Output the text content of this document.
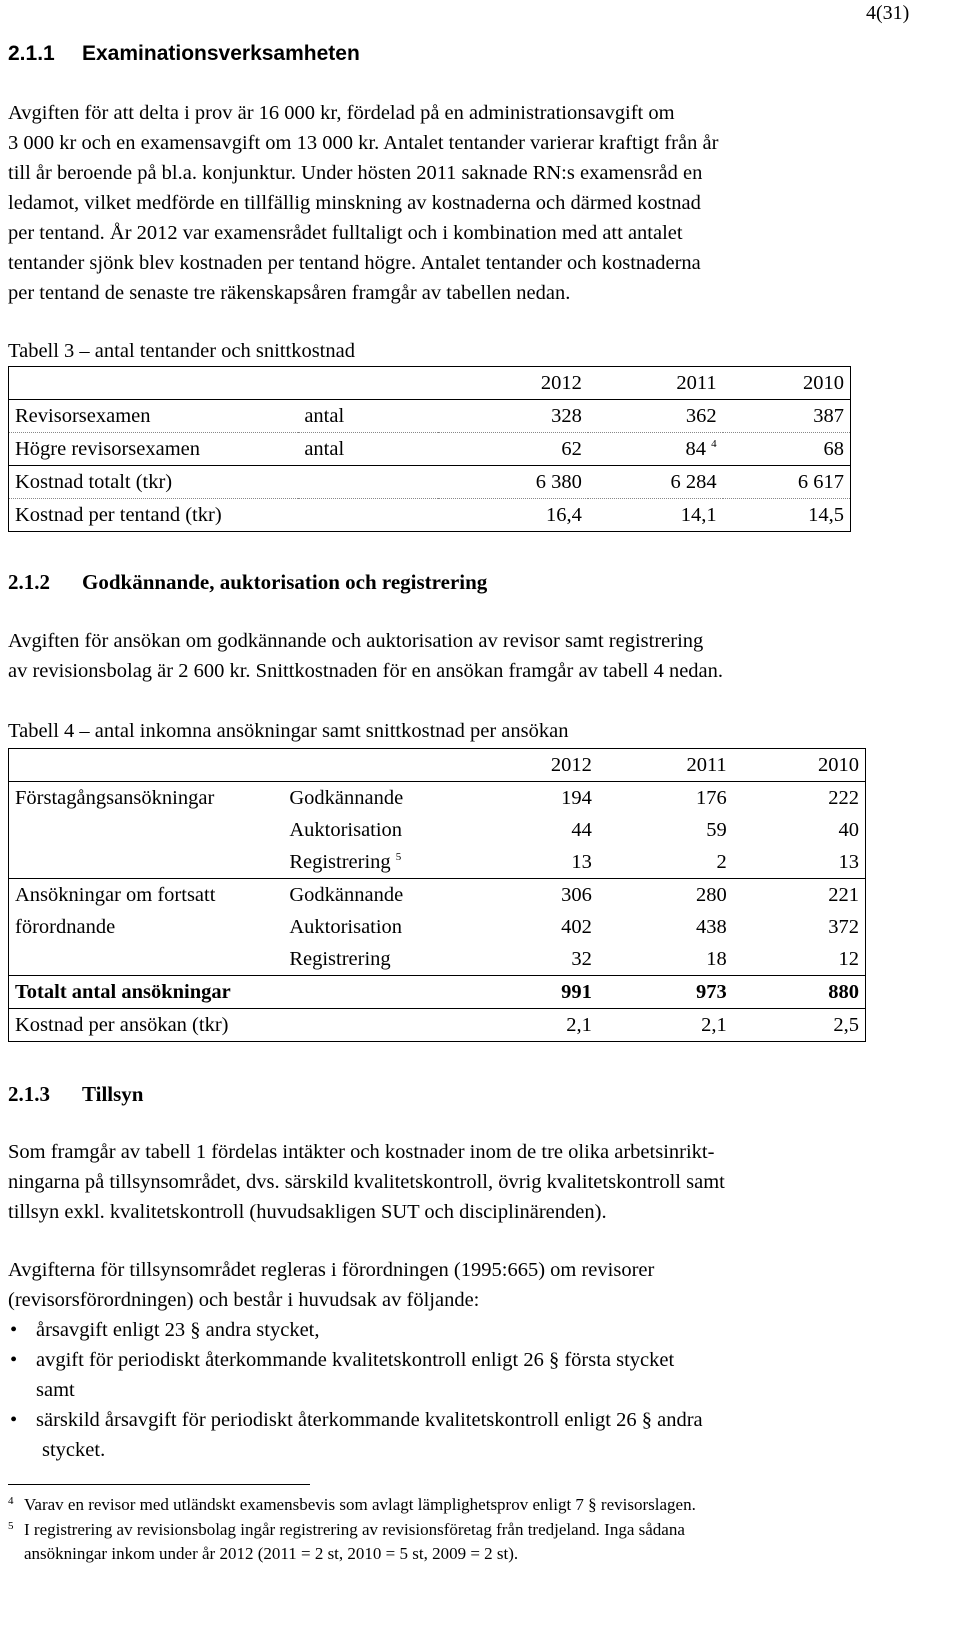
4(31)
2.1.1 Examinationsverksamheten
Avgiften för att delta i prov är 16 000 kr, fördelad på en administrationsavgift om
3 000 kr och en examensavgift om 13 000 kr. Antalet tentander varierar kraftigt från år
till år beroende på bl.a. konjunktur. Under hösten 2011 saknade RN:s examensråd en
ledamot, vilket medförde en tillfällig minskning av kostnaderna och därmed kostnad
per tentand. År 2012 var examensrådet fulltaligt och i kombination med att antalet
tentander sjönk blev kostnaden per tentand högre. Antalet tentander och kostnaderna
per tentand de senaste tre räkenskapsåren framgår av tabellen nedan.
Tabell 3 – antal tentander och snittkostnad
		2012	2011	2010
Revisorsexamen	antal	328	362	387
Högre revisorsexamen	antal	62	84 $^4$	68
Kostnad totalt (tkr)		6 380	6 284	6 617
Kostnad per tentand (tkr)		16,4	14,1	14,5
2.1.2 Godkännande, auktorisation och registrering
Avgiften för ansökan om godkännande och auktorisation av revisor samt registrering
av revisionsbolag är 2 600 kr. Snittkostnaden för en ansökan framgår av tabell 4 nedan.
Tabell 4 – antal inkomna ansökningar samt snittkostnad per ansökan
		2012	2011	2010
Förstagångsansökningar	Godkännande	194	176	222
	Auktorisation	44	59	40
	Registrering $^5$	13	2	13
Ansökningar om fortsatt	Godkännande	306	280	221
förordnande	Auktorisation	402	438	372
	Registrering	32	18	12
Totalt antal ansökningar		991	973	880
Kostnad per ansökan (tkr)		2,1	2,1	2,5
2.1.3 Tillsyn
Som framgår av tabell 1 fördelas intäkter och kostnader inom de tre olika arbetsinrikt-
ningarna på tillsynsområdet, dvs. särskild kvalitetskontroll, övrig kvalitetskontroll samt
tillsyn exkl. kvalitetskontroll (huvudsakligen SUT och disciplinärenden).
Avgifterna för tillsynsområdet regleras i förordningen (1995:665) om revisorer
(revisorsförordningen) och består i huvudsak av följande:
• årsavgift enligt 23 § andra stycket,
• avgift för periodiskt återkommande kvalitetskontroll enligt 26 § första stycket
samt
• särskild årsavgift för periodiskt återkommande kvalitetskontroll enligt 26 § andra
stycket.
4 Varav en revisor med utländskt examensbevis som avlagt lämplighetsprov enligt 7 § revisorslagen.
5 I registrering av revisionsbolag ingår registrering av revisionsföretag från tredjeland. Inga sådana
ansökningar inkom under år 2012 (2011 = 2 st, 2010 = 5 st, 2009 = 2 st).
